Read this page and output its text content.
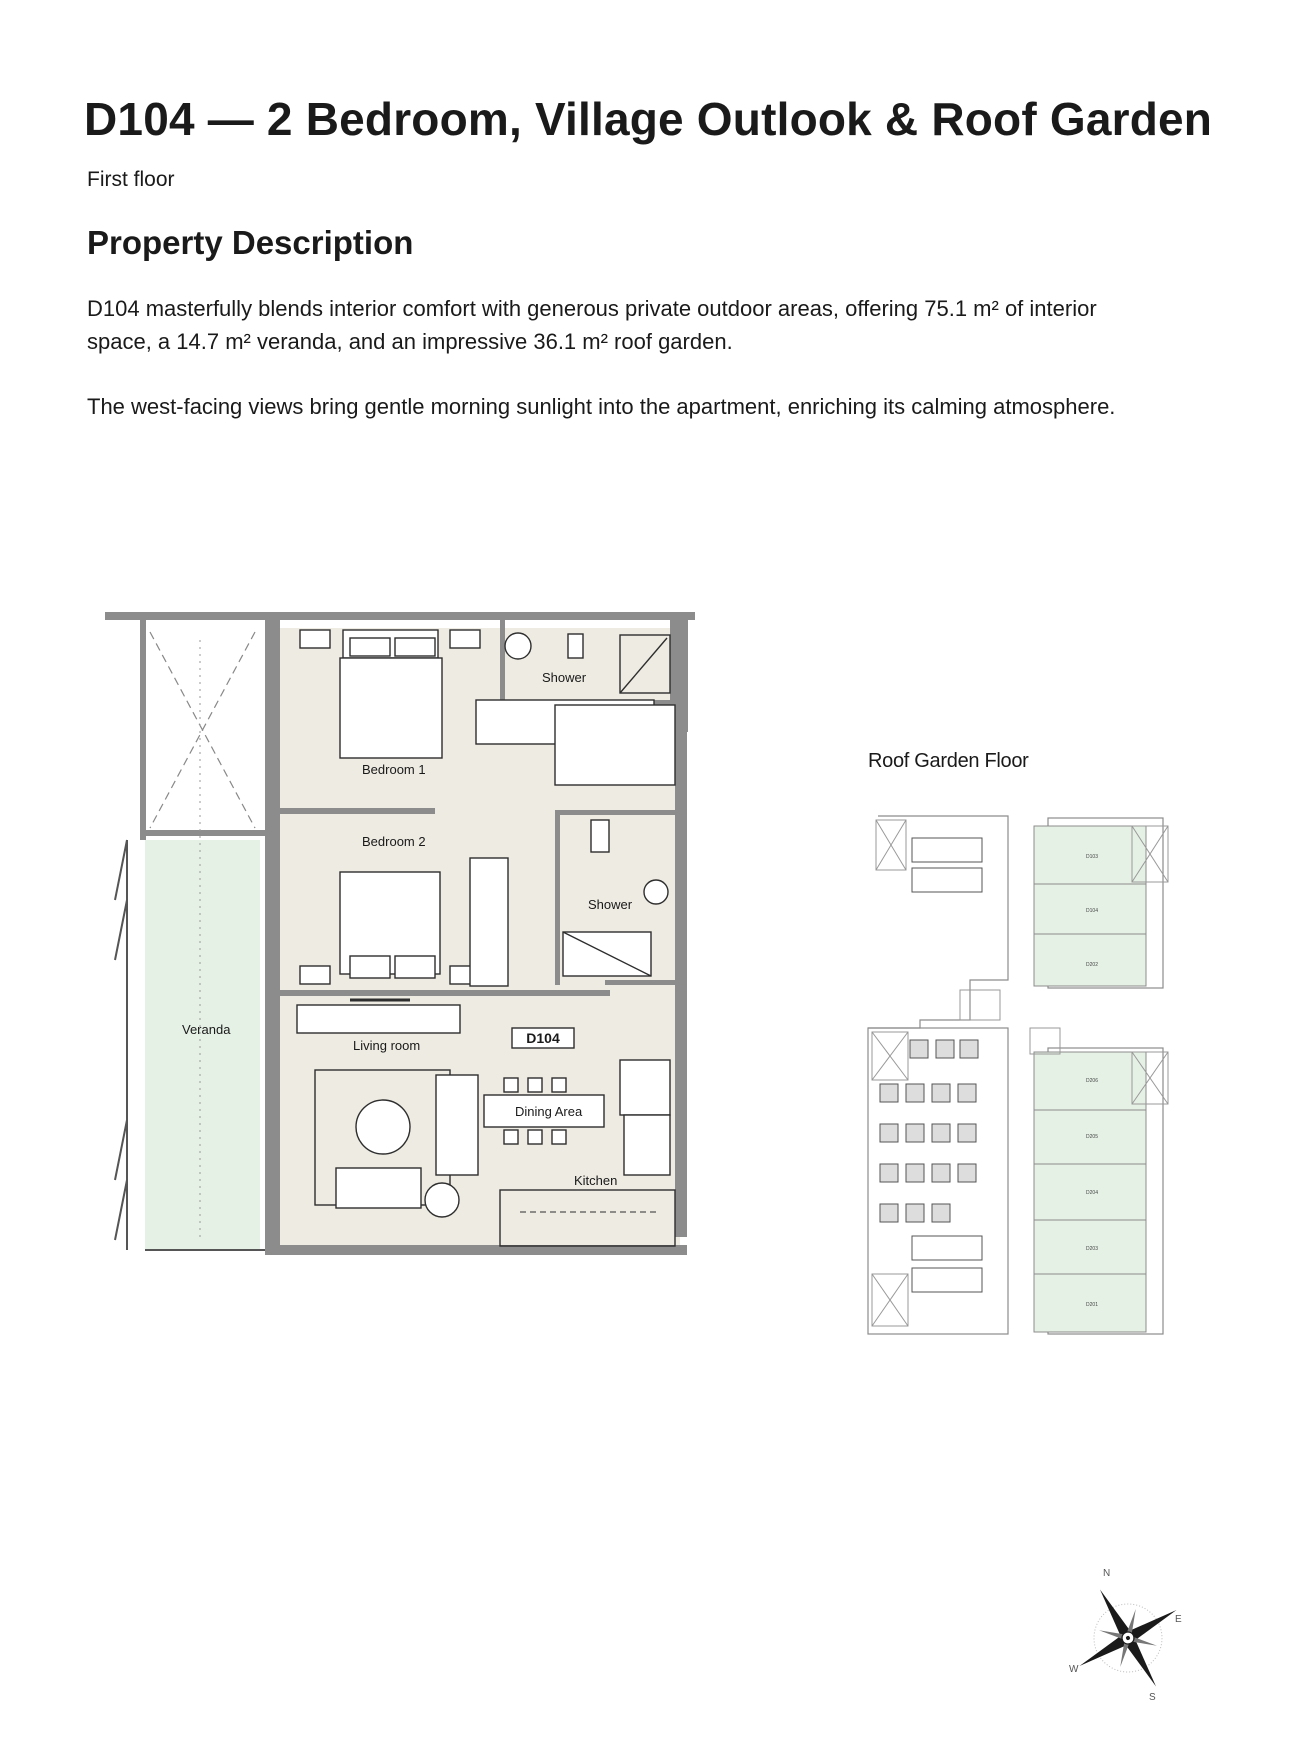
D104 — 2 Bedroom, Village Outlook & Roof Garden
First floor
Property Description

D104 masterfully blends interior comfort with generous private outdoor areas, offering 75.1 m² of interior space, a 14.7 m² veranda, and an impressive 36.1 m² roof garden.

The west-facing views bring gentle morning sunlight into the apartment, enriching its calming atmosphere.

Bedroom 1
Bedroom 2
Shower
Shower
Veranda
Living room
Dining Area
Kitchen
D104
Roof Garden Floor
D103
D104
D202
D206
D205
D204
D203
D201
N
E
S
W
